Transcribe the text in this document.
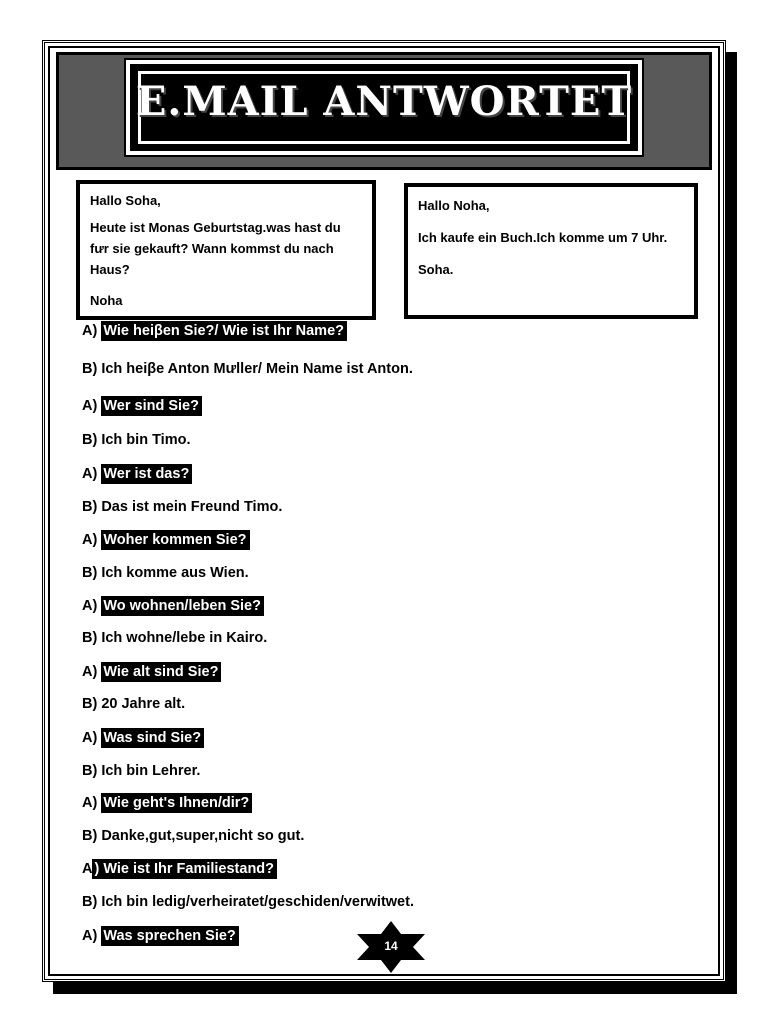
E.MAIL ANTWORTET
Hallo Soha,
Heute ist Monas Geburtstag.was hast du fưr sie gekauft? Wann kommst du nach Haus?
Noha
Hallo Noha,
Ich kaufe ein Buch.Ich komme um 7 Uhr.
Soha.
A) Wie heiβen Sie?/ Wie ist Ihr Name?
B) Ich heiβe Anton Mưller/ Mein Name ist Anton.
A) Wer sind Sie?
B) Ich bin Timo.
A) Wer ist das?
B) Das ist mein Freund Timo.
A) Woher kommen Sie?
B) Ich komme aus Wien.
A) Wo wohnen/leben Sie?
B) Ich wohne/lebe in Kairo.
A) Wie alt sind Sie?
B) 20 Jahre alt.
A) Was sind Sie?
B) Ich bin Lehrer.
A) Wie geht's Ihnen/dir?
B) Danke,gut,super,nicht so gut.
A ) Wie ist Ihr Familiestand?
B) Ich bin ledig/verheiratet/geschiden/verwitwet.
A) Was sprechen Sie?
14
